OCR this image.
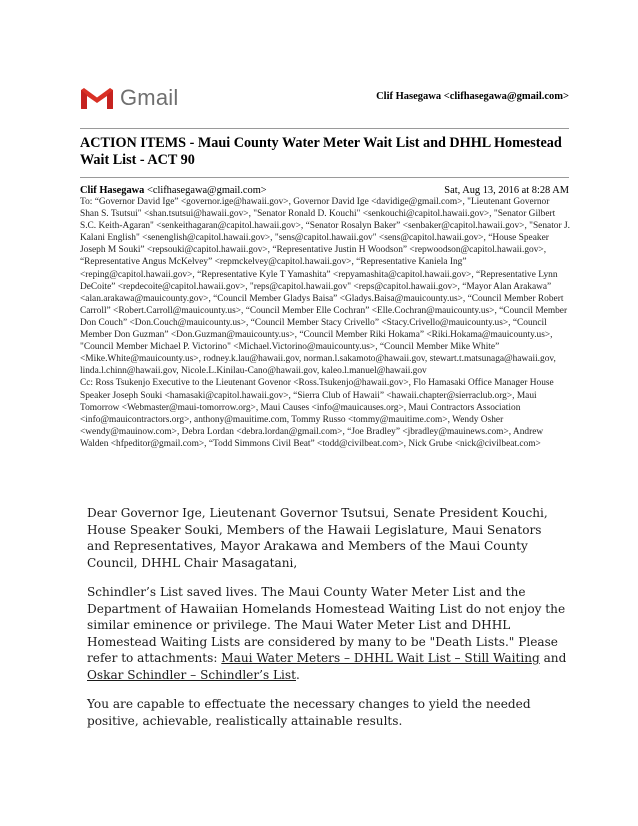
Gmail	Clif Hasegawa <clifhasegawa@gmail.com>
ACTION ITEMS - Maui County Water Meter Wait List and DHHL Homestead Wait List - ACT 90
Clif Hasegawa <clifhasegawa@gmail.com>	Sat, Aug 13, 2016 at 8:28 AM

To: “Governor David Ige” <governor.ige@hawaii.gov>, Governor David Ige <davidige@gmail.com>, "Lieutenant Governor Shan S. Tsutsui" <shan.tsutsui@hawaii.gov>, "Senator Ronald D. Kouchi" <senkouchi@capitol.hawaii.gov>, "Senator Gilbert S.C. Keith-Agaran" <senkeithagaran@capitol.hawaii.gov>, “Senator Rosalyn Baker” <senbaker@capitol.hawaii.gov>, "Senator J. Kalani English" <senenglish@capitol.hawaii.gov>, "sens@capitol.hawaii.gov" <sens@capitol.hawaii.gov>, “House Speaker Joseph M Souki” <repsouki@capitol.hawaii.gov>, “Representative Justin H Woodson” <repwoodson@capitol.hawaii.gov>, “Representative Angus McKelvey” <repmckelvey@capitol.hawaii.gov>, “Representative Kaniela Ing” <reping@capitol.hawaii.gov>, “Representative Kyle T Yamashita” <repyamashita@capitol.hawaii.gov>, “Representative Lynn DeCoite” <repdecoite@capitol.hawaii.gov>, "reps@capitol.hawaii.gov" <reps@capitol.hawaii.gov>, “Mayor Alan Arakawa” <alan.arakawa@mauicounty.gov>, “Council Member Gladys Baisa” <Gladys.Baisa@mauicounty.us>, “Council Member Robert Carroll” <Robert.Carroll@mauicounty.us>, “Council Member Elle Cochran” <Elle.Cochran@mauicounty.us>, “Council Member Don Couch” <Don.Couch@mauicounty.us>, “Council Member Stacy Crivello” <Stacy.Crivello@mauicounty.us>, “Council Member Don Guzman” <Don.Guzman@mauicounty.us>, “Council Member Riki Hokama” <Riki.Hokama@mauicounty.us>, "Council Member Michael P. Victorino" <Michael.Victorino@mauicounty.us>, “Council Member Mike White” <Mike.White@mauicounty.us>, rodney.k.lau@hawaii.gov, norman.l.sakamoto@hawaii.gov, stewart.t.matsunaga@hawaii.gov, linda.l.chinn@hawaii.gov, Nicole.L.Kinilau-Cano@hawaii.gov, kaleo.l.manuel@hawaii.gov

Cc: Ross Tsukenjo Executive to the Lieutenant Govenor <Ross.Tsukenjo@hawaii.gov>, Flo Hamasaki Office Manager House Speaker Joseph Souki <hamasaki@capitol.hawaii.gov>, “Sierra Club of Hawaii” <hawaii.chapter@sierraclub.org>, Maui Tomorrow <Webmaster@maui-tomorrow.org>, Maui Causes <info@mauicauses.org>, Maui Contractors Association <info@mauicontractors.org>, anthony@mauitime.com, Tommy Russo <tommy@mauitime.com>, Wendy Osher <wendy@mauinow.com>, Debra Lordan <debra.lordan@gmail.com>, “Joe Bradley” <jbradley@mauinews.com>, Andrew Walden <hfpeditor@gmail.com>, “Todd Simmons Civil Beat” <todd@civilbeat.com>, Nick Grube <nick@civilbeat.com>

Dear Governor Ige, Lieutenant Governor Tsutsui, Senate President Kouchi, House Speaker Souki, Members of the Hawaii Legislature, Maui Senators and Representatives, Mayor Arakawa and Members of the Maui County Council, DHHL Chair Masagatani,

Schindler’s List saved lives. The Maui County Water Meter List and the Department of Hawaiian Homelands Homestead Waiting List do not enjoy the similar eminence or privilege. The Maui Water Meter List and DHHL Homestead Waiting Lists are considered by many to be "Death Lists." Please refer to attachments: Maui Water Meters – DHHL Wait List – Still Waiting and Oskar Schindler – Schindler’s List.

You are capable to effectuate the necessary changes to yield the needed positive, achievable, realistically attainable results.
